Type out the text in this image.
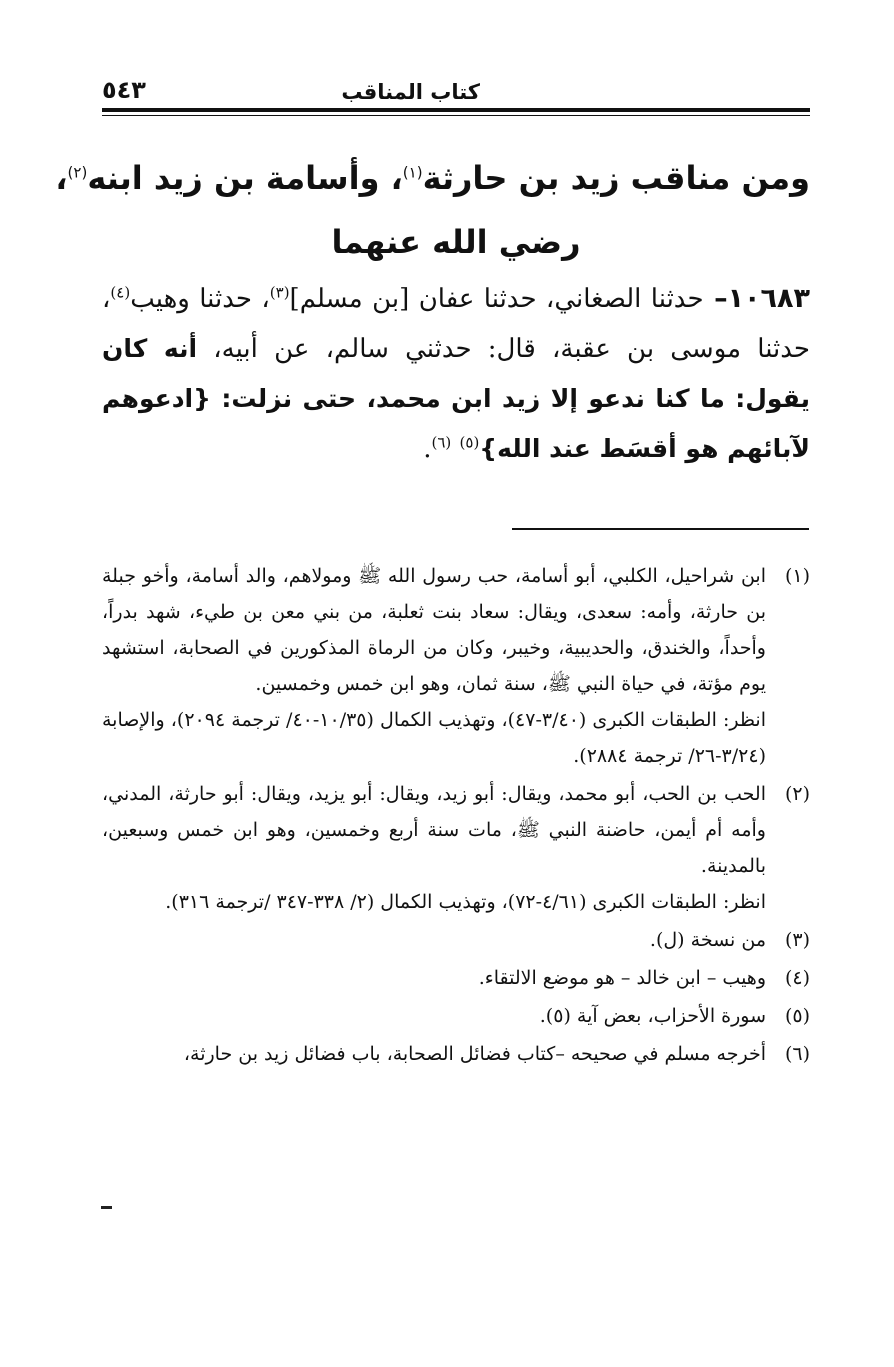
كتاب المناقب
٥٤٣
ومن مناقب زيد بن حارثة$^{(١)}$، وأسامة بن زيد ابنه$^{(٢)}$،
رضي الله عنهما
١٠٦٨٣– حدثنا الصغاني، حدثنا عفان [بن مسلم]$^{(٣)}$، حدثنا وهيب$^{(٤)}$، حدثنا موسى بن عقبة، قال: حدثني سالم، عن أبيه، أنه كان يقول: ما كنا ندعو إلا زيد ابن محمد، حتى نزلت: {ادعوهم لآبائهم هو أقسَط عند الله}$^{(٥)}$ $^{(٦)}$.
(١)
ابن شراحيل، الكلبي، أبو أسامة، حب رسول الله ﷺ ومولاهم، والد أسامة، وأخو جبلة بن حارثة، وأمه: سعدى، ويقال: سعاد بنت ثعلبة، من بني معن بن طيء، شهد بدراً، وأحداً، والخندق، والحديبية، وخيبر، وكان من الرماة المذكورين في الصحابة، استشهد يوم مؤتة، في حياة النبي ﷺ، سنة ثمان، وهو ابن خمس وخمسين.
انظر: الطبقات الكبرى (٣/٤٠-٤٧)، وتهذيب الكمال (١٠/٣٥-٤٠/ ترجمة ٢٠٩٤)، والإصابة (٣/٢٤-٢٦/ ترجمة ٢٨٨٤).
(٢)
الحب بن الحب، أبو محمد، ويقال: أبو زيد، ويقال: أبو يزيد، ويقال: أبو حارثة، المدني، وأمه أم أيمن، حاضنة النبي ﷺ، مات سنة أربع وخمسين، وهو ابن خمس وسبعين، بالمدينة.
انظر: الطبقات الكبرى (٤/٦١-٧٢)، وتهذيب الكمال (٢/ ٣٣٨-٣٤٧ /ترجمة ٣١٦).
(٣)
من نسخة (ل).
(٤)
وهيب – ابن خالد – هو موضع الالتقاء.
(٥)
سورة الأحزاب، بعض آية (٥).
(٦)
أخرجه مسلم في صحيحه –كتاب فضائل الصحابة، باب فضائل زيد بن حارثة،
